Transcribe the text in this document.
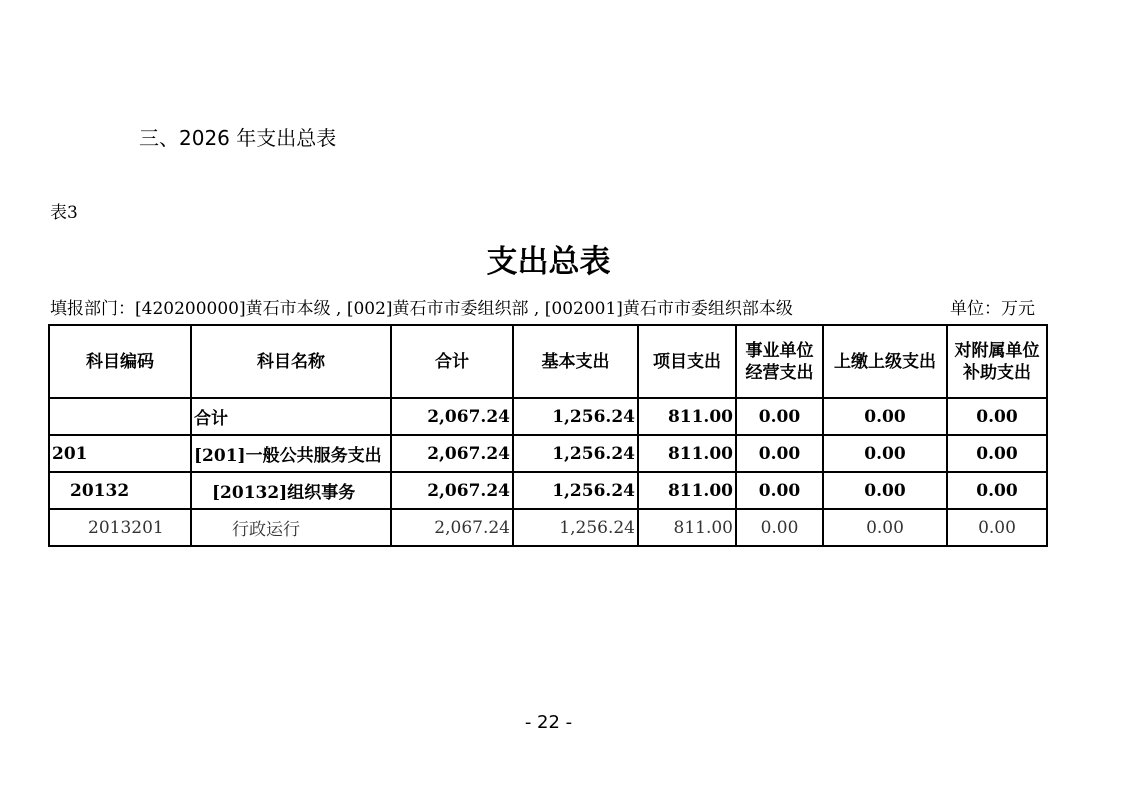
三、2026 年支出总表
表3
支出总表
填报部门：[420200000]黄石市本级 , [002]黄石市市委组织部 , [002001]黄石市市委组织部本级	单位：万元
科目编码	科目名称	合计	基本支出	项目支出	事业单位经营支出	上缴上级支出	对附属单位补助支出
	合计	2,067.24	1,256.24	811.00	0.00	0.00	0.00
201	[201]一般公共服务支出	2,067.24	1,256.24	811.00	0.00	0.00	0.00
20132	[20132]组织事务	2,067.24	1,256.24	811.00	0.00	0.00	0.00
2013201	行政运行	2,067.24	1,256.24	811.00	0.00	0.00	0.00
- 22 -
